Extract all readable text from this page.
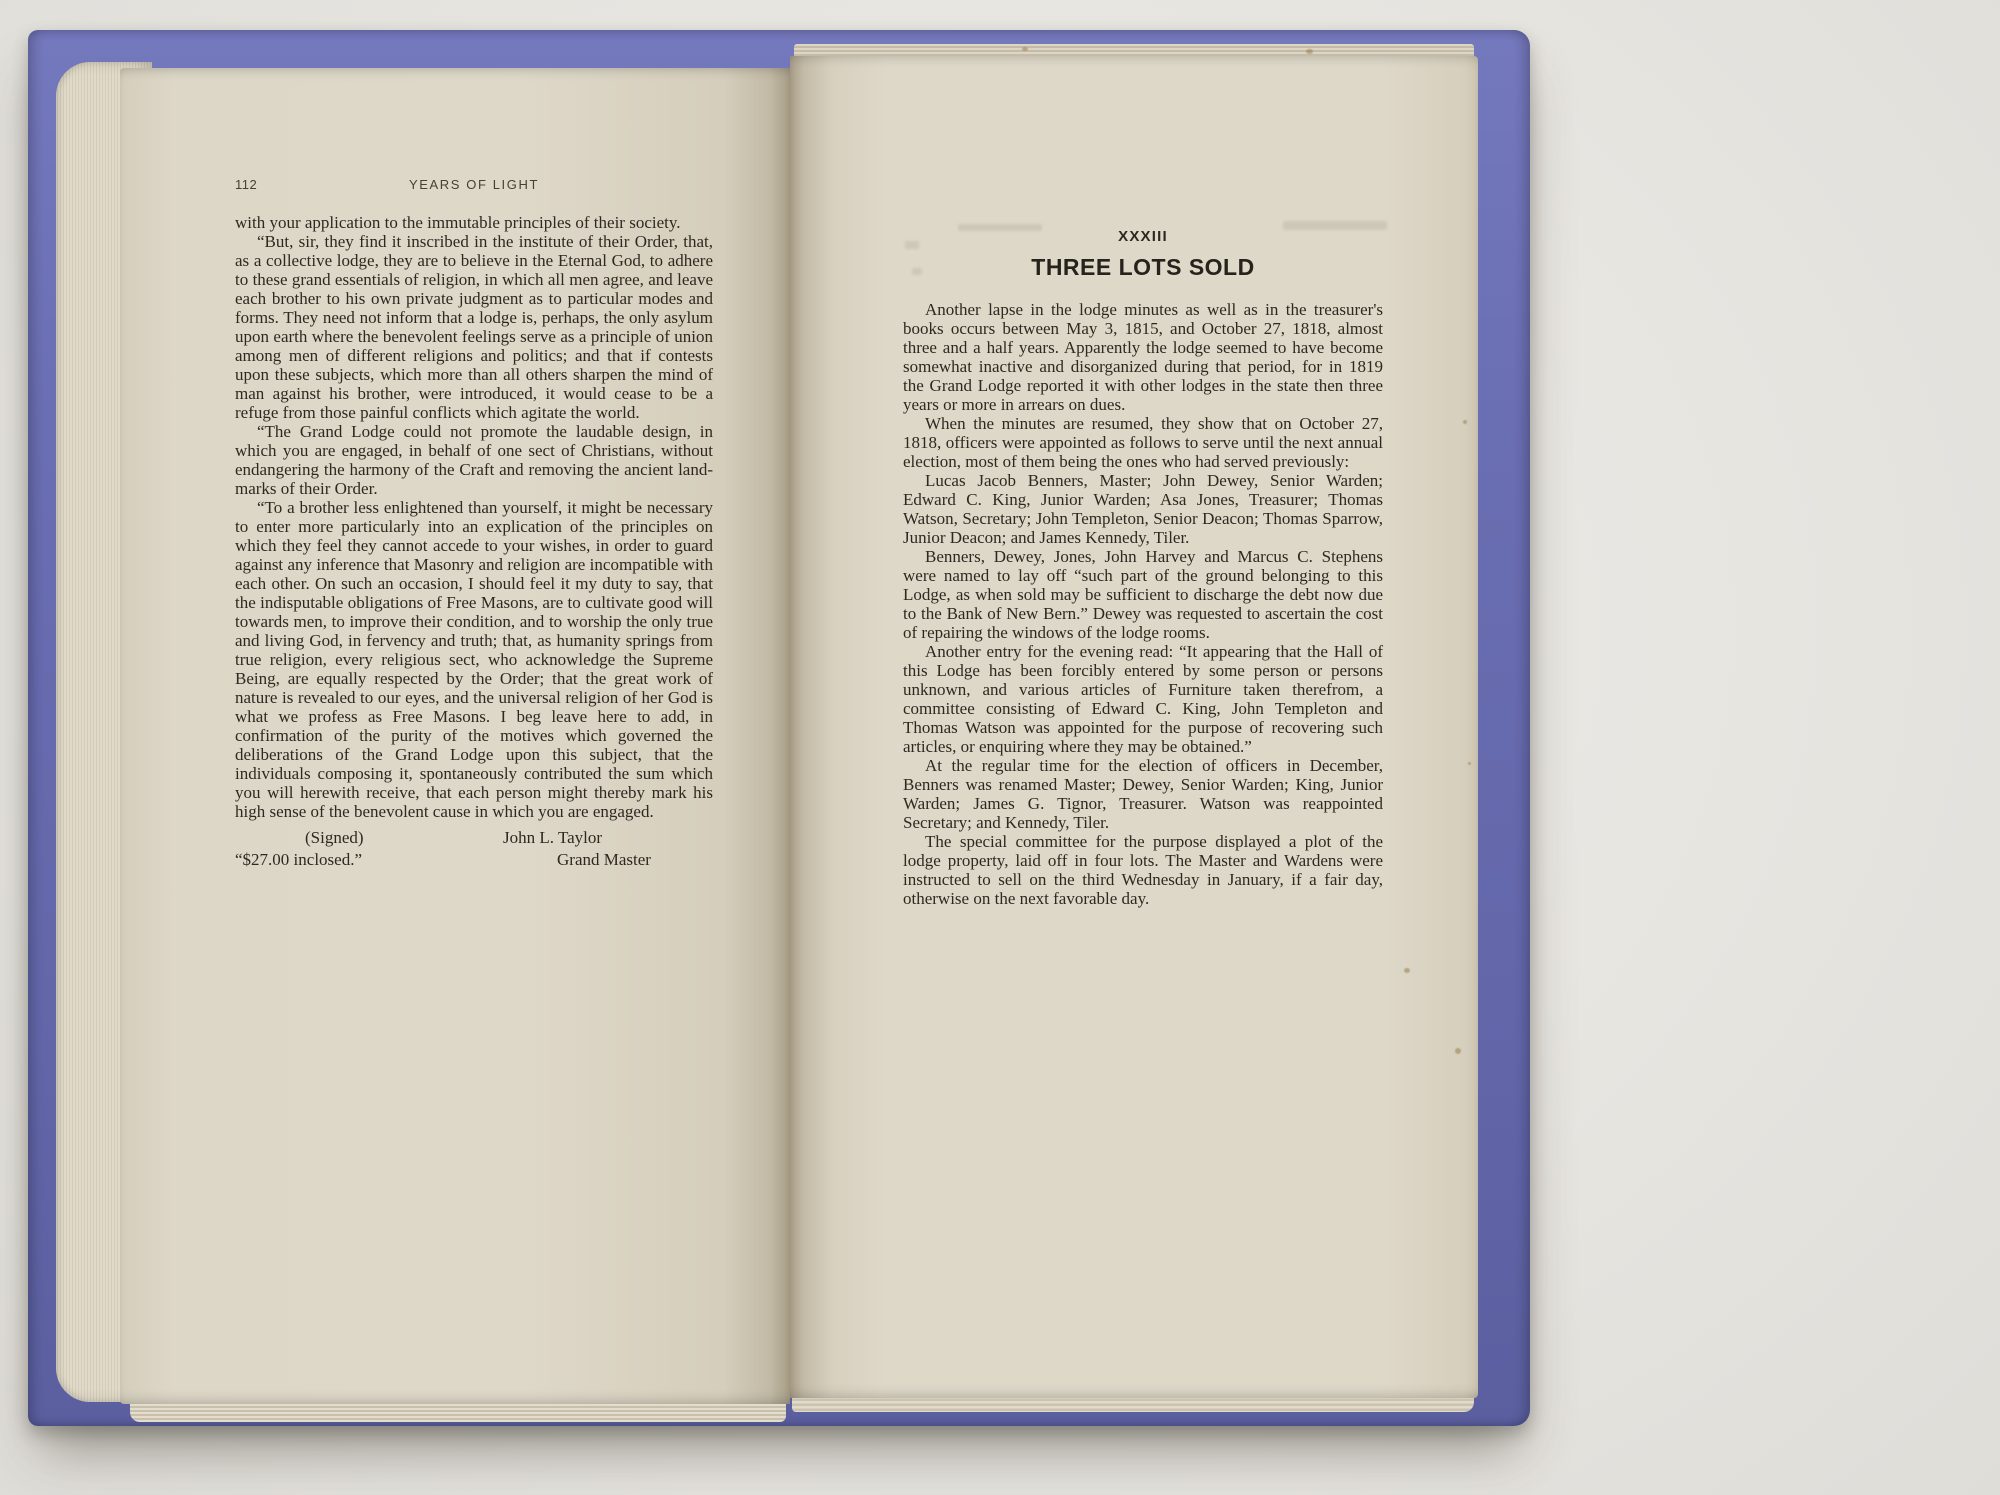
112	YEARS OF LIGHT

with your application to the immutable principles of their society.

“But, sir, they find it inscribed in the institute of their Order, that, as a collective lodge, they are to believe in the Eternal God, to adhere to these grand essentials of religion, in which all men agree, and leave each brother to his own private judgment as to particular modes and forms. They need not inform that a lodge is, perhaps, the only asylum upon earth where the benevolent feelings serve as a principle of union among men of different religions and politics; and that if contests upon these subjects, which more than all others sharpen the mind of man against his brother, were introduced, it would cease to be a refuge from those painful conflicts which agitate the world.

“The Grand Lodge could not promote the laudable design, in which you are engaged, in behalf of one sect of Christians, without endangering the harmony of the Craft and removing the ancient land-marks of their Order.

“To a brother less enlightened than yourself, it might be necessary to enter more particularly into an explication of the principles on which they feel they cannot accede to your wishes, in order to guard against any inference that Masonry and religion are incompatible with each other. On such an occasion, I should feel it my duty to say, that the indisputable obligations of Free Masons, are to cultivate good will towards men, to improve their condition, and to worship the only true and living God, in fervency and truth; that, as humanity springs from true religion, every religious sect, who acknowledge the Supreme Being, are equally respected by the Order; that the great work of nature is revealed to our eyes, and the universal religion of her God is what we profess as Free Masons. I beg leave here to add, in confirmation of the purity of the motives which governed the deliberations of the Grand Lodge upon this subject, that the individuals composing it, spontaneously contributed the sum which you will herewith receive, that each person might thereby mark his high sense of the benevolent cause in which you are engaged.

(Signed)	John L. Taylor
“$27.00 inclosed.”	Grand Master
XXXIII
THREE LOTS SOLD

Another lapse in the lodge minutes as well as in the treasurer's books occurs between May 3, 1815, and October 27, 1818, almost three and a half years. Apparently the lodge seemed to have become somewhat inactive and disorganized during that period, for in 1819 the Grand Lodge reported it with other lodges in the state then three years or more in arrears on dues.

When the minutes are resumed, they show that on October 27, 1818, officers were appointed as follows to serve until the next annual election, most of them being the ones who had served previously:

Lucas Jacob Benners, Master; John Dewey, Senior Warden; Edward C. King, Junior Warden; Asa Jones, Treasurer; Thomas Watson, Secretary; John Templeton, Senior Deacon; Thomas Sparrow, Junior Deacon; and James Kennedy, Tiler.

Benners, Dewey, Jones, John Harvey and Marcus C. Stephens were named to lay off “such part of the ground belonging to this Lodge, as when sold may be sufficient to discharge the debt now due to the Bank of New Bern.” Dewey was requested to ascertain the cost of repairing the windows of the lodge rooms.

Another entry for the evening read: “It appearing that the Hall of this Lodge has been forcibly entered by some person or persons unknown, and various articles of Furniture taken therefrom, a committee consisting of Edward C. King, John Templeton and Thomas Watson was appointed for the purpose of recovering such articles, or enquiring where they may be obtained.”

At the regular time for the election of officers in December, Benners was renamed Master; Dewey, Senior Warden; King, Junior Warden; James G. Tignor, Treasurer. Watson was reappointed Secretary; and Kennedy, Tiler.

The special committee for the purpose displayed a plot of the lodge property, laid off in four lots. The Master and Wardens were instructed to sell on the third Wednesday in January, if a fair day, otherwise on the next favorable day.
